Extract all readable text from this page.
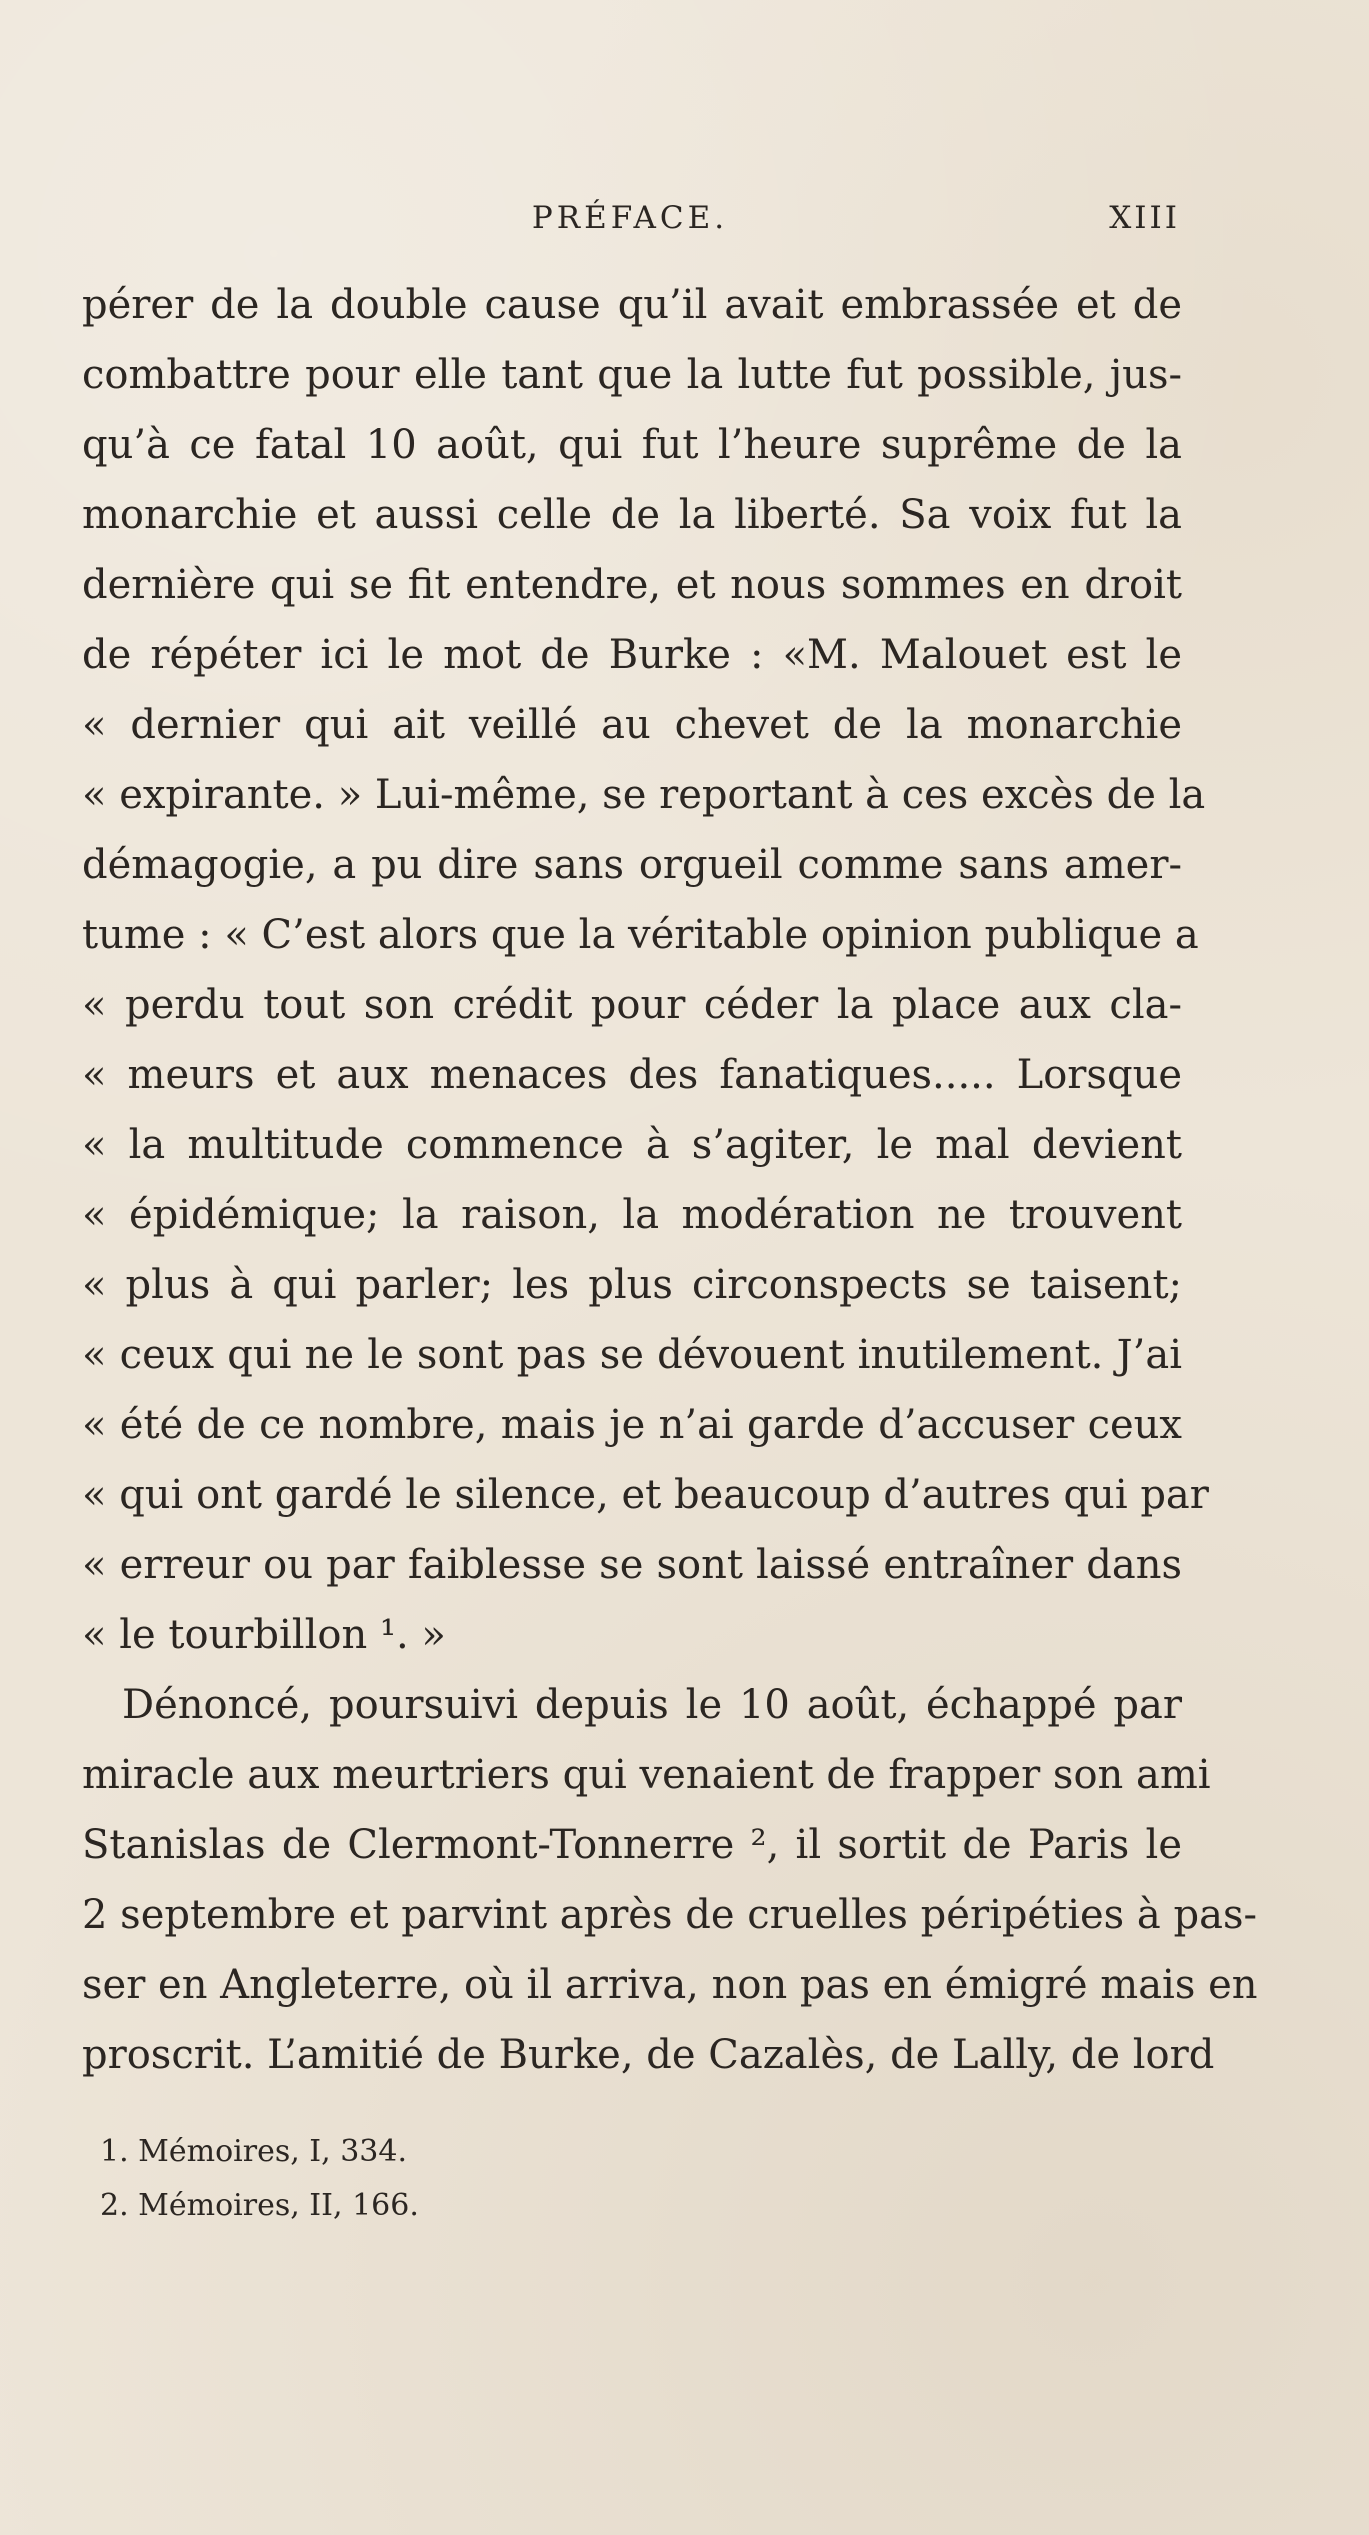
PRÉFACE.	XIII
pérer de la double cause qu’il avait embrassée et de
combattre pour elle tant que la lutte fut possible, jus-
qu’à ce fatal 10 août, qui fut l’heure suprême de la
monarchie et aussi celle de la liberté. Sa voix fut la
dernière qui se fit entendre, et nous sommes en droit
de répéter ici le mot de Burke : «M. Malouet est le
« dernier qui ait veillé au chevet de la monarchie
« expirante. » Lui-même, se reportant à ces excès de la
démagogie, a pu dire sans orgueil comme sans amer-
tume : « C’est alors que la véritable opinion publique a
« perdu tout son crédit pour céder la place aux cla-
« meurs et aux menaces des fanatiques..... Lorsque
« la multitude commence à s’agiter, le mal devient
« épidémique; la raison, la modération ne trouvent
« plus à qui parler; les plus circonspects se taisent;
« ceux qui ne le sont pas se dévouent inutilement. J’ai
« été de ce nombre, mais je n’ai garde d’accuser ceux
« qui ont gardé le silence, et beaucoup d’autres qui par
« erreur ou par faiblesse se sont laissé entraîner dans
« le tourbillon ¹. »
Dénoncé, poursuivi depuis le 10 août, échappé par
miracle aux meurtriers qui venaient de frapper son ami
Stanislas de Clermont-Tonnerre ², il sortit de Paris le
2 septembre et parvint après de cruelles péripéties à pas-
ser en Angleterre, où il arriva, non pas en émigré mais en
proscrit. L’amitié de Burke, de Cazalès, de Lally, de lord
1. Mémoires, I, 334.
2. Mémoires, II, 166.
